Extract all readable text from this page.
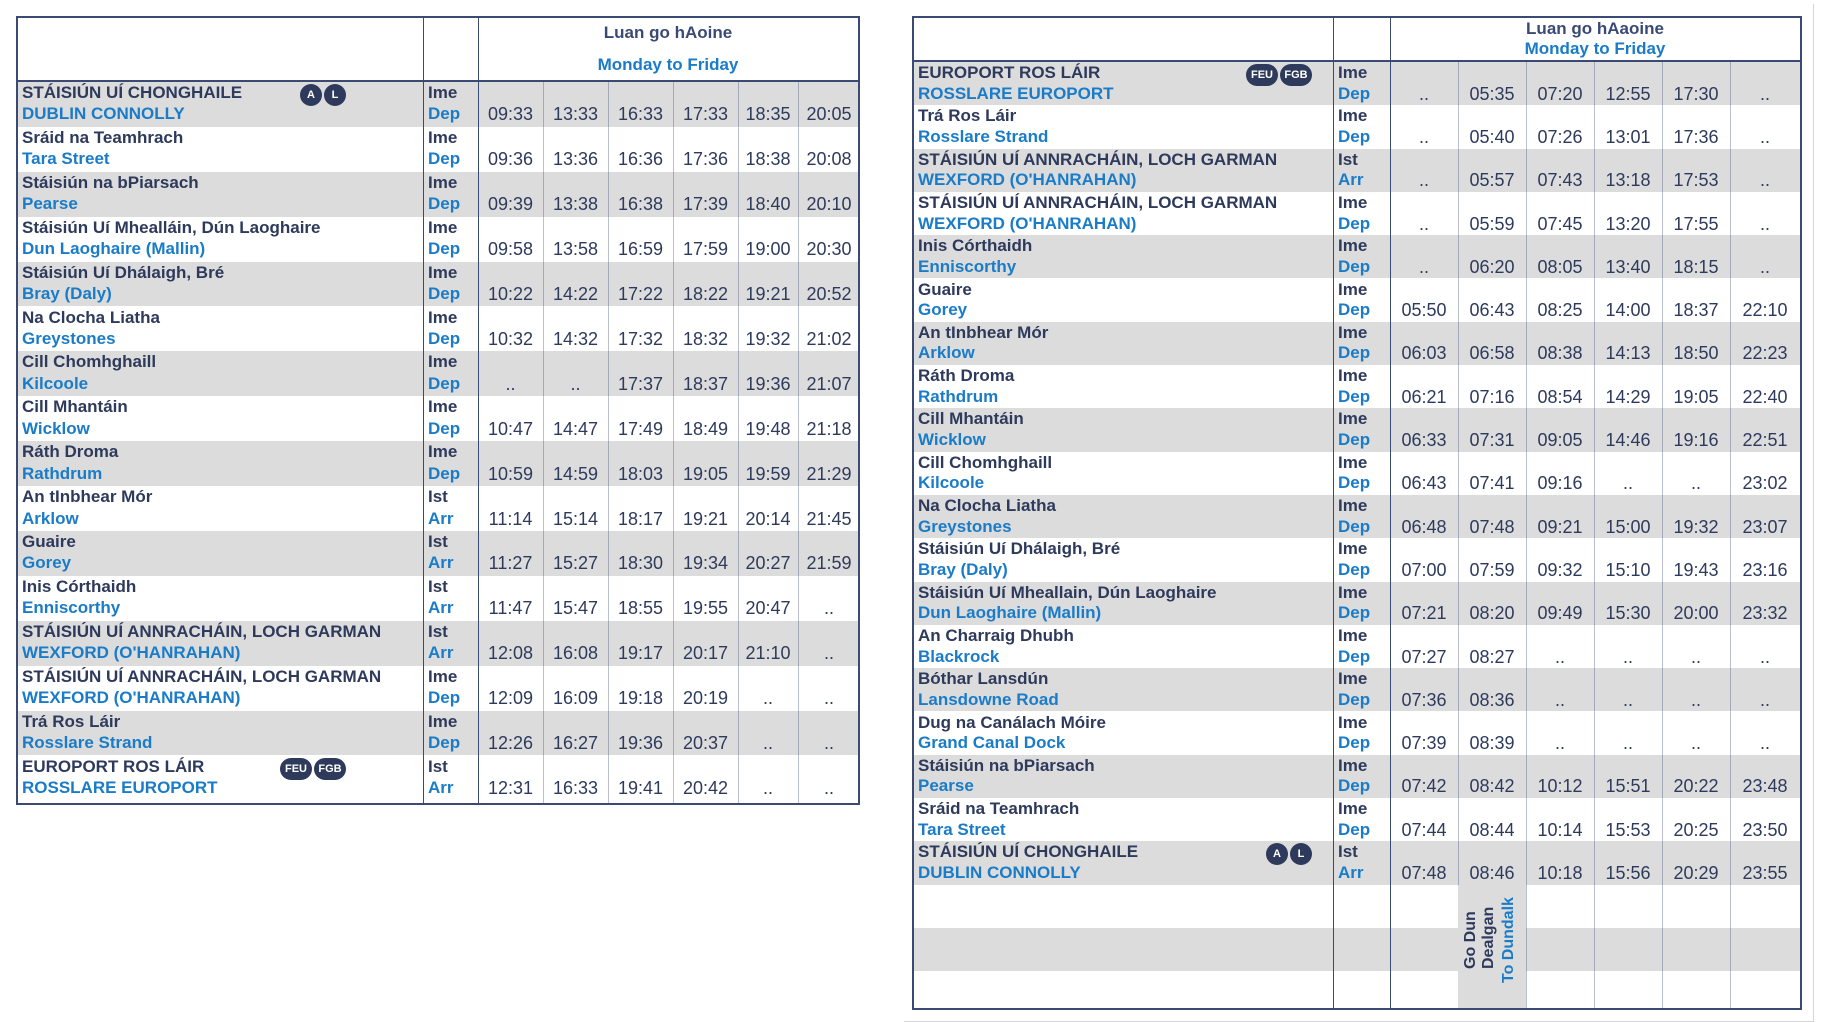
Luan go hAoine
Monday to Friday
STÁISIÚN UÍ CHONGHAILE
DUBLIN CONNOLLY
Ime
Dep
L
A
09:33	13:33	16:33	17:33 18:35 20:05
Sráid na Teamhrach
Tara Street
Ime
Dep	09:36	13:36	16:36	17:36 18:38 20:08
Stáisiún na bPiarsach
Pearse
Ime
Dep	09:39	13:38	16:38	17:39 18:40 20:10
Stáisiún Uí Mhealláin, Dún Laoghaire
Dun Laoghaire (Mallin)
Ime
Dep	09:58	13:58	16:59	17:59 19:00 20:30
Stáisiún Uí Dhálaigh, Bré
Bray (Daly)
Ime
Dep	10:22	14:22	17:22	18:22 19:21 20:52
Na Clocha Liatha
Greystones
Ime
Dep	10:32	14:32	17:32	18:32 19:32 21:02
Cill Chomhghaill
Kilcoole
Ime
Dep	..	..	17:37	18:37 19:36 21:07
Cill Mhantáin
Wicklow
Ime
Dep	10:47	14:47	17:49	18:49 19:48 21:18
Ráth Droma
Rathdrum
Ime
Dep	10:59	14:59	18:03	19:05 19:59 21:29
An tInbhear Mór
Arklow
Ist
Arr	11:14	15:14	18:17	19:21 20:14 21:45
Guaire
Gorey
Ist
Arr	11:27	15:27	18:30	19:34 20:27 21:59
Inis Córthaidh
Enniscorthy
Ist
Arr	11:47	15:47	18:55	19:55 20:47	..
STÁISIÚN UÍ ANNRACHÁIN, LOCH GARMAN
WEXFORD (O'HANRAHAN)
Ist
Arr	12:08	16:08	19:17	20:17 21:10	..
STÁISIÚN UÍ ANNRACHÁIN, LOCH GARMAN
WEXFORD (O'HANRAHAN)
Ime
Dep	12:09	16:09	19:18	20:19	..	..
Trá Ros Láir
Rosslare Strand
Ime
Dep	12:26	16:27	19:36	20:37	..	..
EUROPORT ROS LÁIR
ROSSLARE EUROPORT
Ist
Arr
FGB
FEU
12:31	16:33	19:41	20:42	..	..
Luan go hAaoine
Monday to Friday
EUROPORT ROS LÁIR
ROSSLARE EUROPORT
Ime
Dep
FGB
FEU
..	05:35	07:20	12:55	17:30	..
Trá Ros Láir
Rosslare Strand
Ime
Dep	..	05:40	07:26	13:01	17:36	..
STÁISIÚN UÍ ANNRACHÁIN, LOCH GARMAN
WEXFORD (O'HANRAHAN)
Ist
Arr	..	05:57	07:43	13:18	17:53	..
STÁISIÚN UÍ ANNRACHÁIN, LOCH GARMAN
WEXFORD (O'HANRAHAN)
Ime
Dep	..	05:59	07:45	13:20	17:55	..
Inis Córthaidh
Enniscorthy
Ime
Dep	..	06:20	08:05	13:40	18:15	..
Guaire
Gorey
Ime
Dep	05:50	06:43	08:25	14:00	18:37	22:10
An tInbhear Mór
Arklow
Ime
Dep	06:03	06:58	08:38	14:13	18:50	22:23
Ráth Droma
Rathdrum
Ime
Dep	06:21	07:16	08:54	14:29	19:05	22:40
Cill Mhantáin
Wicklow
Ime
Dep	06:33	07:31	09:05	14:46	19:16	22:51
Cill Chomhghaill
Kilcoole
Ime
Dep	06:43	07:41	09:16	..	..	23:02
Na Clocha Liatha
Greystones
Ime
Dep	06:48	07:48	09:21	15:00	19:32	23:07
Stáisiún Uí Dhálaigh, Bré
Bray (Daly)
Ime
Dep	07:00	07:59	09:32	15:10	19:43	23:16
Stáisiún Uí Mheallain, Dún Laoghaire
Dun Laoghaire (Mallin)
Ime
Dep	07:21	08:20	09:49	15:30	20:00	23:32
An Charraig Dhubh
Blackrock
Ime
Dep	07:27	08:27	..	..	..	..
Bóthar Lansdún
Lansdowne Road
Ime
Dep	07:36	08:36	..	..	..	..
Dug na Canálach Móire
Grand Canal Dock
Ime
Dep	07:39	08:39	..	..	..	..
Stáisiún na bPiarsach
Pearse
Ime
Dep	07:42	08:42	10:12	15:51	20:22	23:48
Sráid na Teamhrach
Tara Street
Ime
Dep	07:44	08:44	10:14	15:53	20:25	23:50
STÁISIÚN UÍ CHONGHAILE
DUBLIN CONNOLLY
Ist
Arr
L
A
07:48	08:46	10:18	15:56	20:29	23:55
Go Dun Dealgan To Dundalk
